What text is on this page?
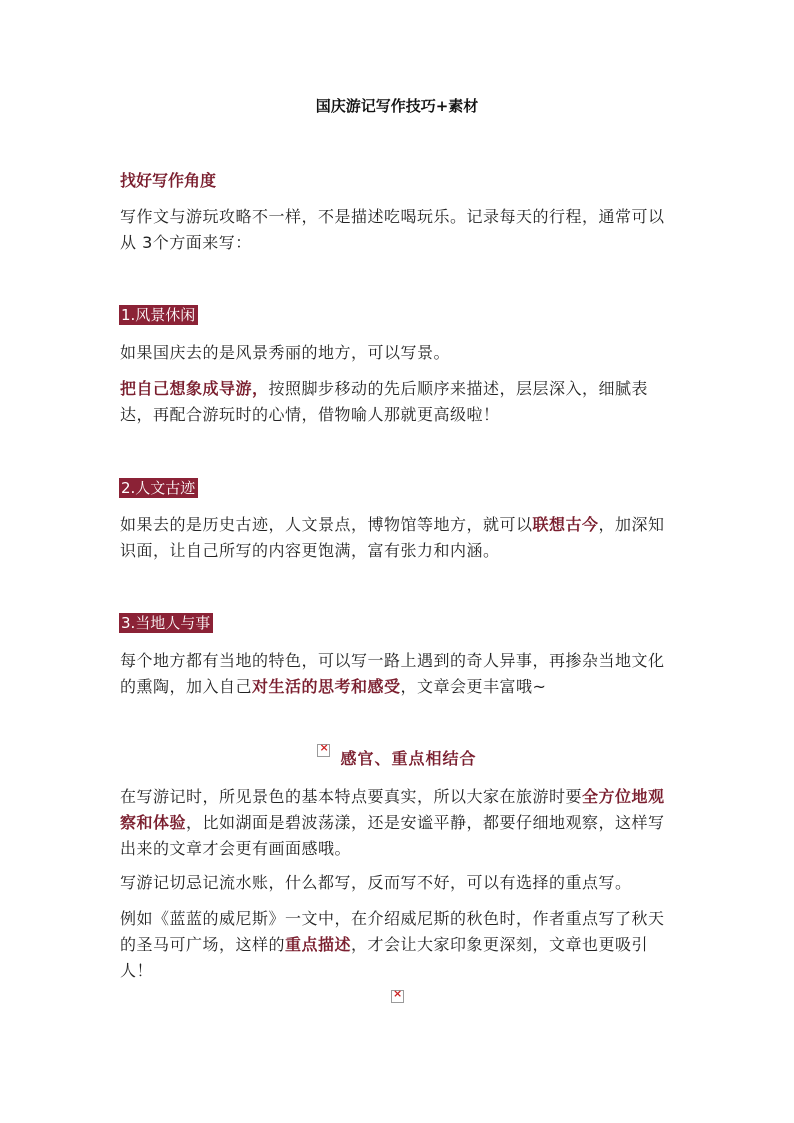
国庆游记写作技巧+素材
找好写作角度
写作文与游玩攻略不一样，不是描述吃喝玩乐。记录每天的行程，通常可以从 3个方面来写：
1.风景休闲
如果国庆去的是风景秀丽的地方，可以写景。
把自己想象成导游，按照脚步移动的先后顺序来描述，层层深入，细腻表达，再配合游玩时的心情，借物喻人那就更高级啦！
2.人文古迹
如果去的是历史古迹，人文景点，博物馆等地方，就可以联想古今，加深知识面，让自己所写的内容更饱满，富有张力和内涵。
3.当地人与事
每个地方都有当地的特色，可以写一路上遇到的奇人异事，再掺杂当地文化的熏陶，加入自己对生活的思考和感受，文章会更丰富哦~
×感官、重点相结合
在写游记时，所见景色的基本特点要真实，所以大家在旅游时要全方位地观察和体验，比如湖面是碧波荡漾，还是安谧平静，都要仔细地观察，这样写出来的文章才会更有画面感哦。
写游记切忌记流水账，什么都写，反而写不好，可以有选择的重点写。
例如《蓝蓝的威尼斯》一文中，在介绍威尼斯的秋色时，作者重点写了秋天的圣马可广场，这样的重点描述，才会让大家印象更深刻，文章也更吸引人！
×
